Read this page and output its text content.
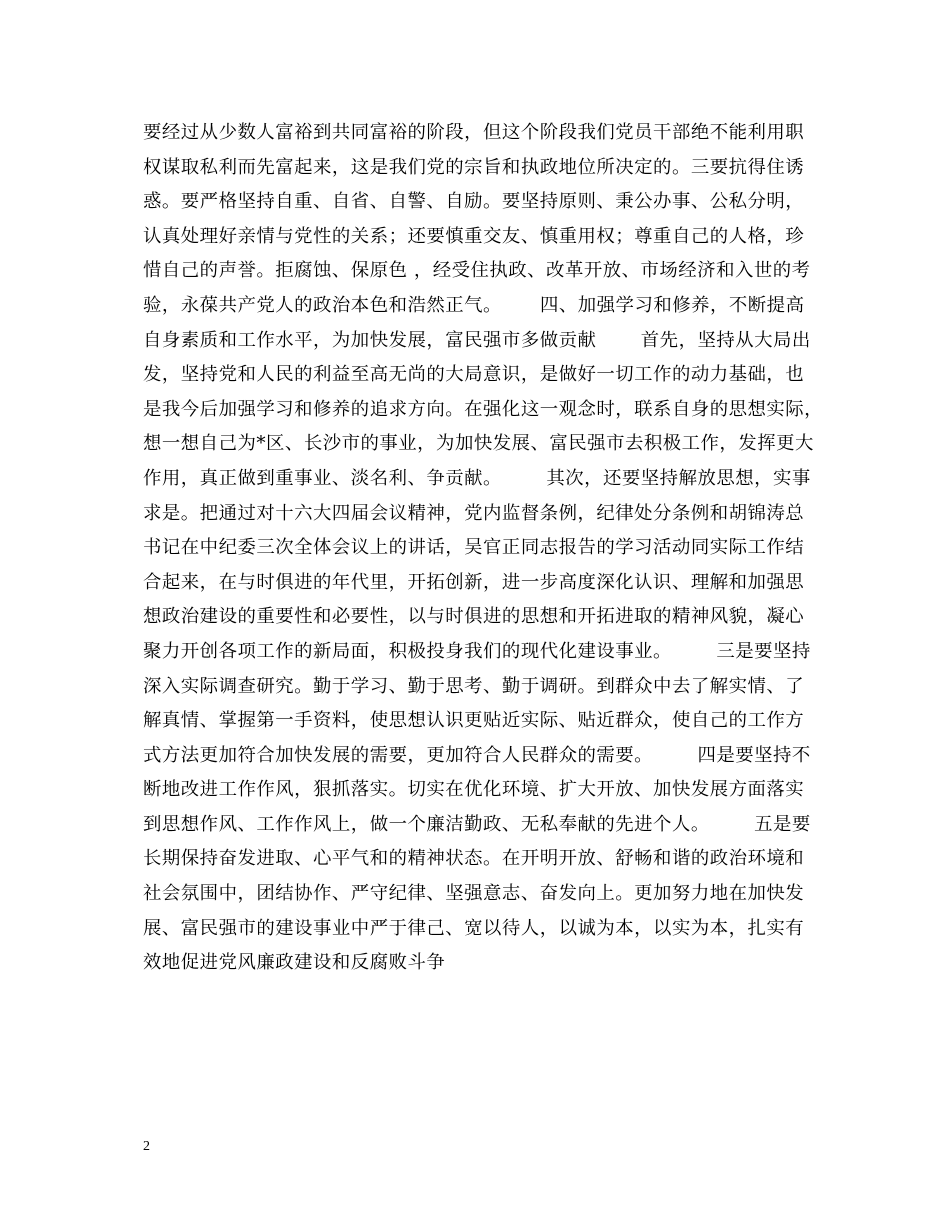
要经过从少数人富裕到共同富裕的阶段，但这个阶段我们党员干部绝不能利用职
权谋取私利而先富起来，这是我们党的宗旨和执政地位所决定的。三要抗得住诱
惑。要严格坚持自重、自省、自警、自励。要坚持原则、秉公办事、公私分明，
认真处理好亲情与党性的关系；还要慎重交友、慎重用权；尊重自己的人格，珍
惜自己的声誉。拒腐蚀、保原色 ，经受住执政、改革开放、市场经济和入世的考
验，永葆共产党人的政治本色和浩然正气。      四、加强学习和修养，不断提高
自身素质和工作水平，为加快发展，富民强市多做贡献       首先，坚持从大局出
发，坚持党和人民的利益至高无尚的大局意识，是做好一切工作的动力基础，也
是我今后加强学习和修养的追求方向。在强化这一观念时，联系自身的思想实际，
想一想自己为*区、长沙市的事业，为加快发展、富民强市去积极工作，发挥更大
作用，真正做到重事业、淡名利、争贡献。       其次，还要坚持解放思想，实事
求是。把通过对十六大四届会议精神，党内监督条例，纪律处分条例和胡锦涛总
书记在中纪委三次全体会议上的讲话，吴官正同志报告的学习活动同实际工作结
合起来，在与时俱进的年代里，开拓创新，进一步高度深化认识、理解和加强思
想政治建设的重要性和必要性，以与时俱进的思想和开拓进取的精神风貌，凝心
聚力开创各项工作的新局面，积极投身我们的现代化建设事业。       三是要坚持
深入实际调查研究。勤于学习、勤于思考、勤于调研。到群众中去了解实情、了
解真情、掌握第一手资料，使思想认识更贴近实际、贴近群众，使自己的工作方
式方法更加符合加快发展的需要，更加符合人民群众的需要。       四是要坚持不
断地改进工作作风，狠抓落实。切实在优化环境、扩大开放、加快发展方面落实
到思想作风、工作作风上，做一个廉洁勤政、无私奉献的先进个人。       五是要
长期保持奋发进取、心平气和的精神状态。在开明开放、舒畅和谐的政治环境和
社会氛围中，团结协作、严守纪律、坚强意志、奋发向上。更加努力地在加快发
展、富民强市的建设事业中严于律己、宽以待人，以诚为本，以实为本，扎实有
效地促进党风廉政建设和反腐败斗争
2
